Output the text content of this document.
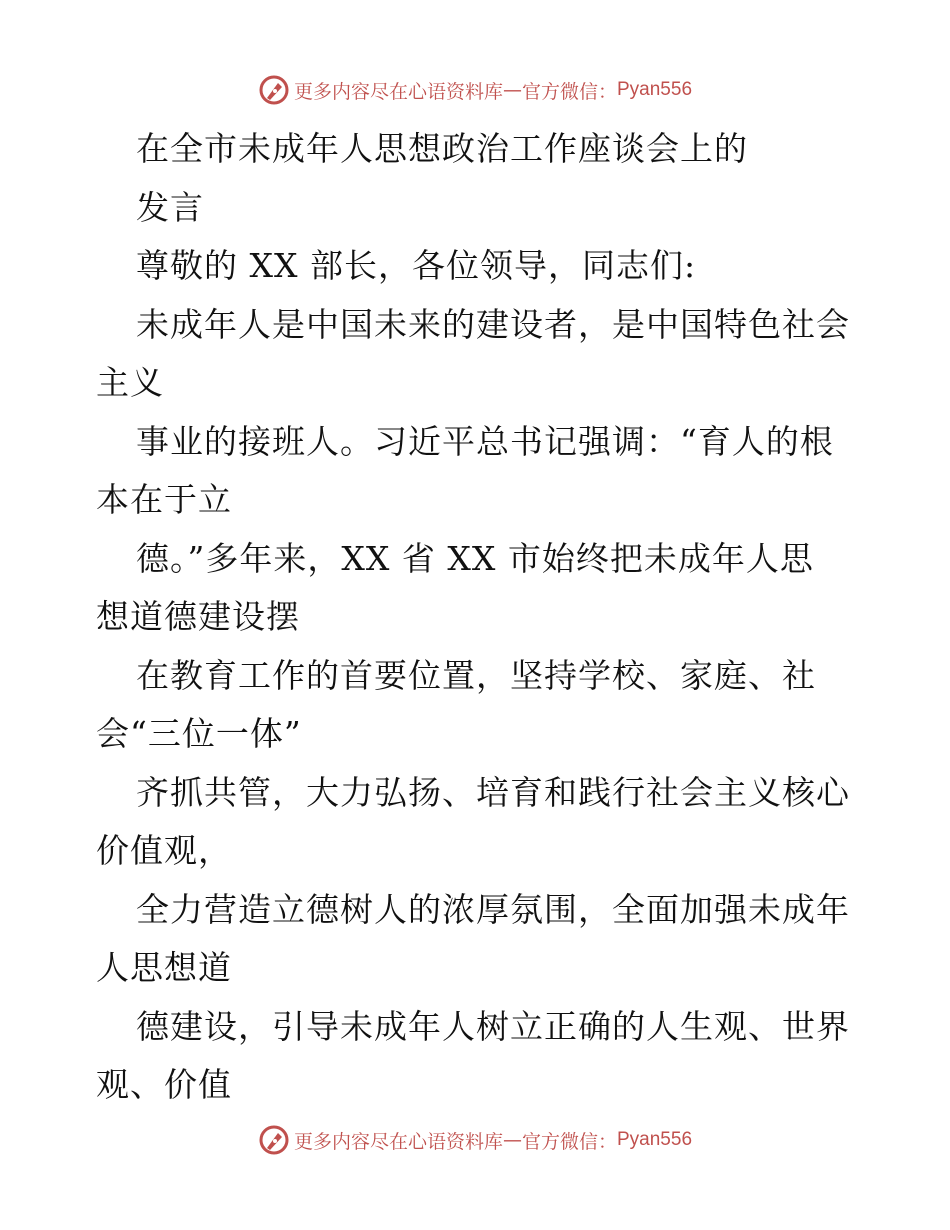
更多内容尽在心语资料库 — 官方微信： Pyan556
在全市未成年人思想政治工作座谈会上的
发言
尊敬的 XX 部长，各位领导，同志们:
未成年人是中国未来的建设者，是中国特色社会
主义
事业的接班人。习近平总书记强调：“育人的根
本在于立
德。”多年来，XX 省 XX 市始终把未成年人思
想道德建设摆
在教育工作的首要位置，坚持学校、家庭、社
会“三位一体”
齐抓共管，大力弘扬、培育和践行社会主义核心
价值观，
全力营造立德树人的浓厚氛围，全面加强未成年
人思想道
德建设，引导未成年人树立正确的人生观、世界
观、价值
更多内容尽在心语资料库 — 官方微信： Pyan556
